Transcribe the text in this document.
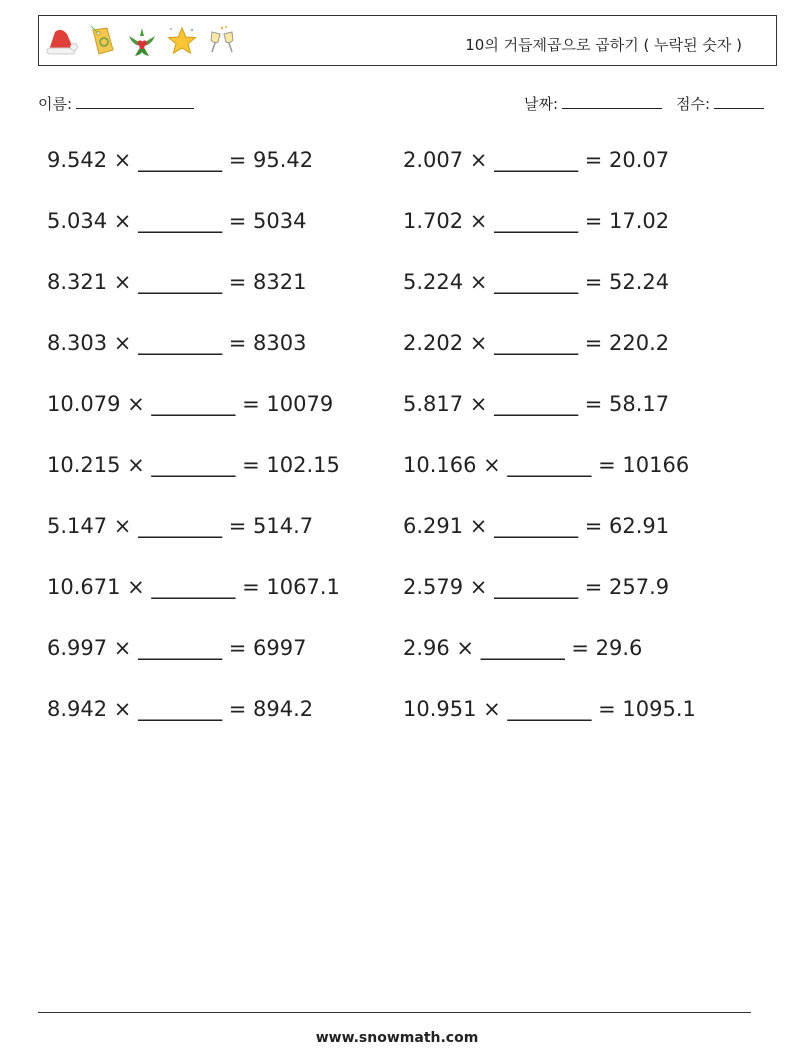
10의 거듭제곱으로 곱하기 ( 누락된 숫자 )
이름:	날짜:	점수:
9.542 × ________ = 95.42
5.034 × ________ = 5034
8.321 × ________ = 8321
8.303 × ________ = 8303
10.079 × ________ = 10079
10.215 × ________ = 102.15
5.147 × ________ = 514.7
10.671 × ________ = 1067.1
6.997 × ________ = 6997
8.942 × ________ = 894.2
2.007 × ________ = 20.07
1.702 × ________ = 17.02
5.224 × ________ = 52.24
2.202 × ________ = 220.2
5.817 × ________ = 58.17
10.166 × ________ = 10166
6.291 × ________ = 62.91
2.579 × ________ = 257.9
2.96 × ________ = 29.6
10.951 × ________ = 1095.1
www.snowmath.com
